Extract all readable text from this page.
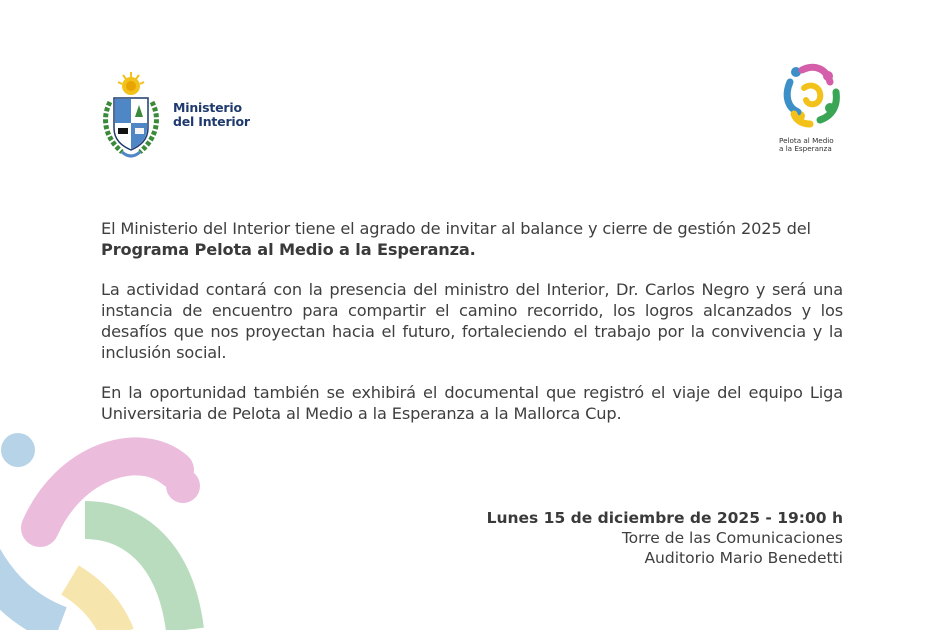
Ministerio
del Interior
Pelota al Medio
a la Esperanza

El Ministerio del Interior tiene el agrado de invitar al balance y cierre de gestión 2025 del Programa Pelota al Medio a la Esperanza.

La actividad contará con la presencia del ministro del Interior, Dr. Carlos Negro y será una instancia de encuentro para compartir el camino recorrido, los logros alcanzados y los desafíos que nos proyectan hacia el futuro, fortaleciendo el trabajo por la convivencia y la inclusión social.

En la oportunidad también se exhibirá el documental que registró el viaje del equipo Liga Universitaria de Pelota al Medio a la Esperanza a la Mallorca Cup.

Lunes 15 de diciembre de 2025 - 19:00 h
Torre de las Comunicaciones
Auditorio Mario Benedetti
